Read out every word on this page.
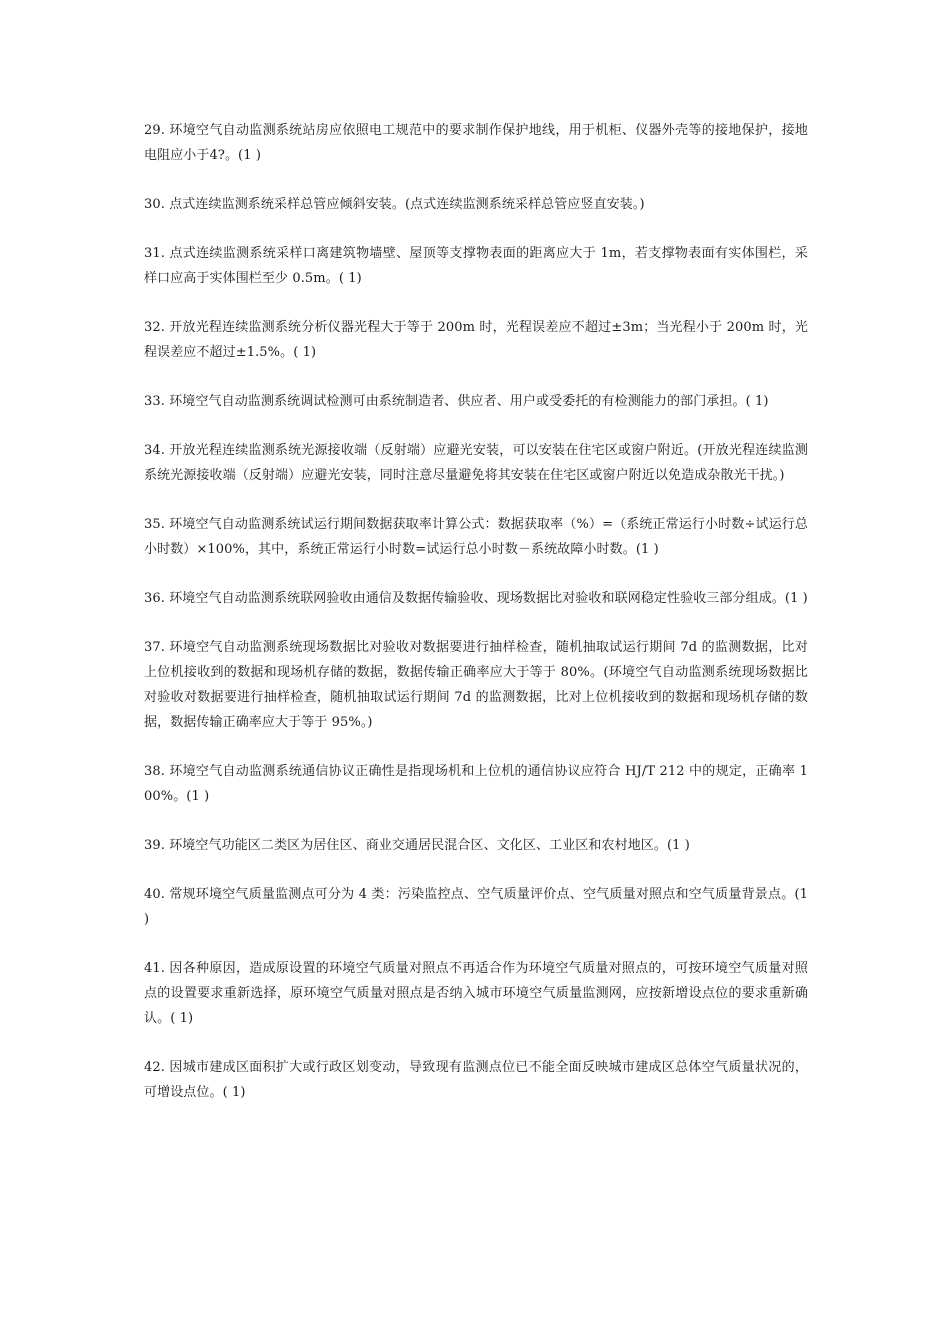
29. 环境空气自动监测系统站房应依照电工规范中的要求制作保护地线，用于机柜、仪器外壳等的接地保护，接地电阻应小于4?。(1 )

30. 点式连续监测系统采样总管应倾斜安装。(点式连续监测系统采样总管应竖直安装。)

31. 点式连续监测系统采样口离建筑物墙壁、屋顶等支撑物表面的距离应大于 1m，若支撑物表面有实体围栏，采样口应高于实体围栏至少 0.5m。( 1)

32. 开放光程连续监测系统分析仪器光程大于等于 200m 时，光程误差应不超过±3m；当光程小于 200m 时，光程误差应不超过±1.5%。( 1)

33. 环境空气自动监测系统调试检测可由系统制造者、供应者、用户或受委托的有检测能力的部门承担。( 1)

34. 开放光程连续监测系统光源接收端（反射端）应避光安装，可以安装在住宅区或窗户附近。(开放光程连续监测系统光源接收端（反射端）应避光安装，同时注意尽量避免将其安装在住宅区或窗户附近以免造成杂散光干扰。)

35. 环境空气自动监测系统试运行期间数据获取率计算公式：数据获取率（%）=（系统正常运行小时数÷试运行总小时数）×100%，其中，系统正常运行小时数=试运行总小时数－系统故障小时数。(1 )

36. 环境空气自动监测系统联网验收由通信及数据传输验收、现场数据比对验收和联网稳定性验收三部分组成。(1 )

37. 环境空气自动监测系统现场数据比对验收对数据要进行抽样检查，随机抽取试运行期间 7d 的监测数据，比对上位机接收到的数据和现场机存储的数据，数据传输正确率应大于等于 80%。(环境空气自动监测系统现场数据比对验收对数据要进行抽样检查，随机抽取试运行期间 7d 的监测数据，比对上位机接收到的数据和现场机存储的数据，数据传输正确率应大于等于 95%。)

38. 环境空气自动监测系统通信协议正确性是指现场机和上位机的通信协议应符合 HJ/T 212 中的规定，正确率 100%。(1 )

39. 环境空气功能区二类区为居住区、商业交通居民混合区、文化区、工业区和农村地区。(1 )

40. 常规环境空气质量监测点可分为 4 类：污染监控点、空气质量评价点、空气质量对照点和空气质量背景点。(1 )

41. 因各种原因，造成原设置的环境空气质量对照点不再适合作为环境空气质量对照点的，可按环境空气质量对照点的设置要求重新选择，原环境空气质量对照点是否纳入城市环境空气质量监测网，应按新增设点位的要求重新确认。( 1)

42. 因城市建成区面积扩大或行政区划变动，导致现有监测点位已不能全面反映城市建成区总体空气质量状况的，可增设点位。( 1)
